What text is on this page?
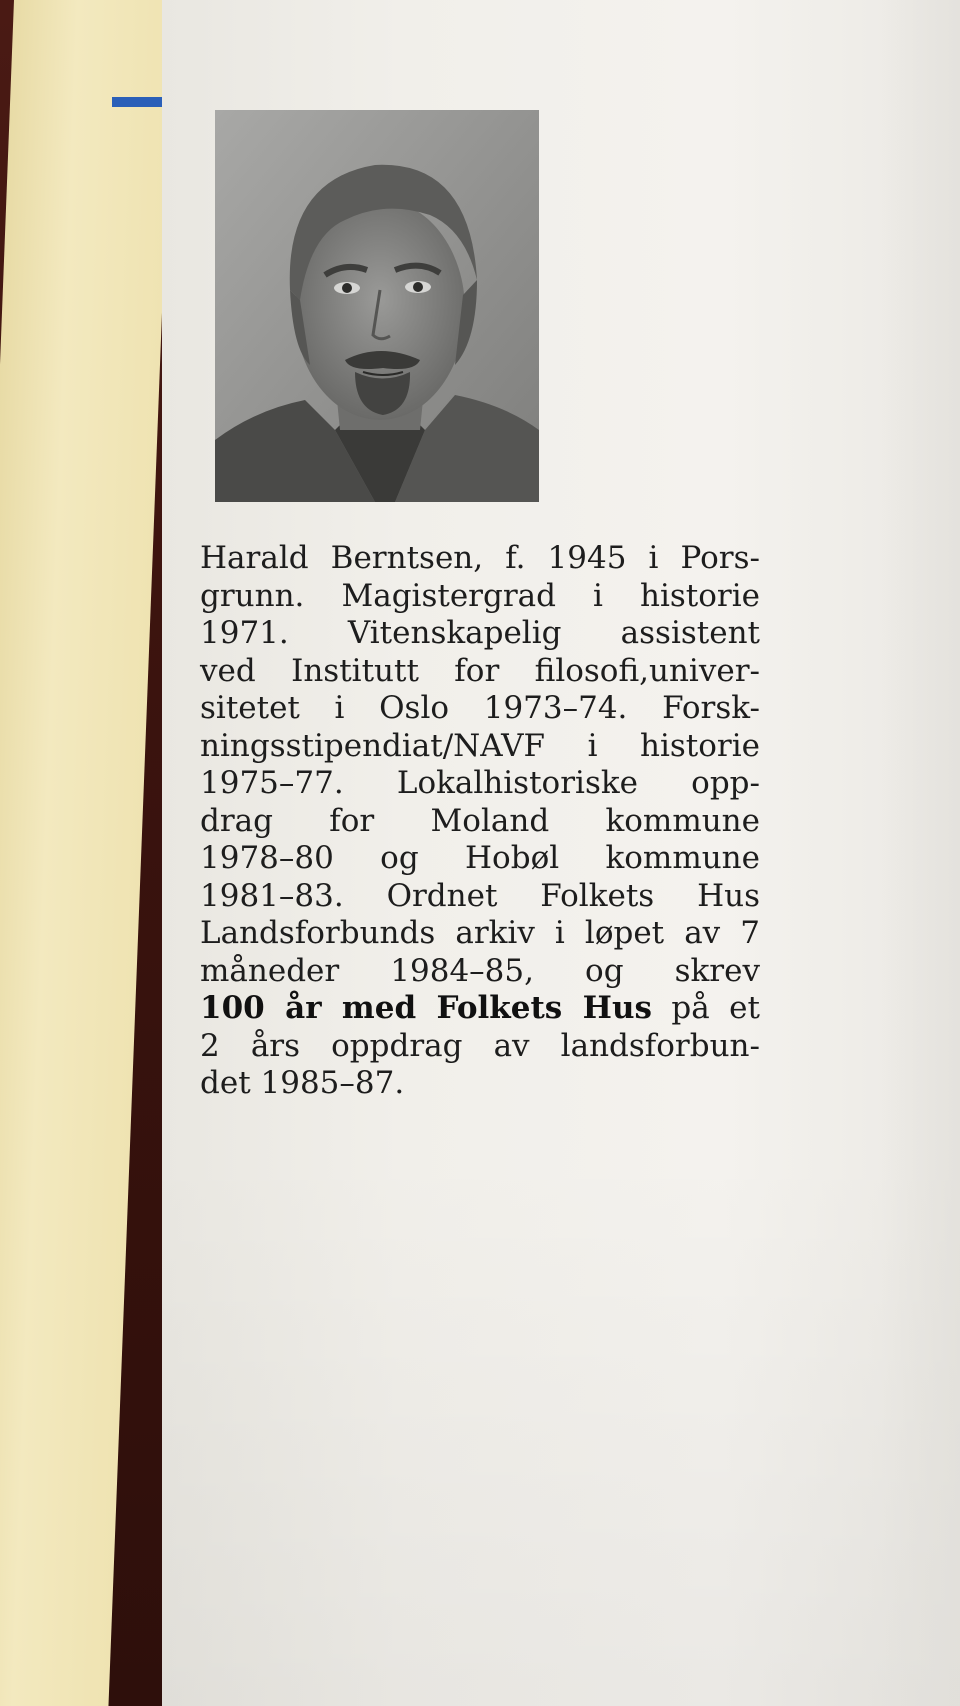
Harald Berntsen, f. 1945 i Pors-
grunn. Magistergrad i historie
1971. Vitenskapelig assistent
ved Institutt for filosofi,univer-
sitetet i Oslo 1973–74. Forsk-
ningsstipendiat/NAVF i historie
1975–77. Lokalhistoriske opp-
drag for Moland kommune
1978–80 og Hobøl kommune
1981–83. Ordnet Folkets Hus
Landsforbunds arkiv i løpet av 7
måneder 1984–85, og skrev
100 år med Folkets Hus på et
2 års oppdrag av landsforbun-
det 1985–87.
